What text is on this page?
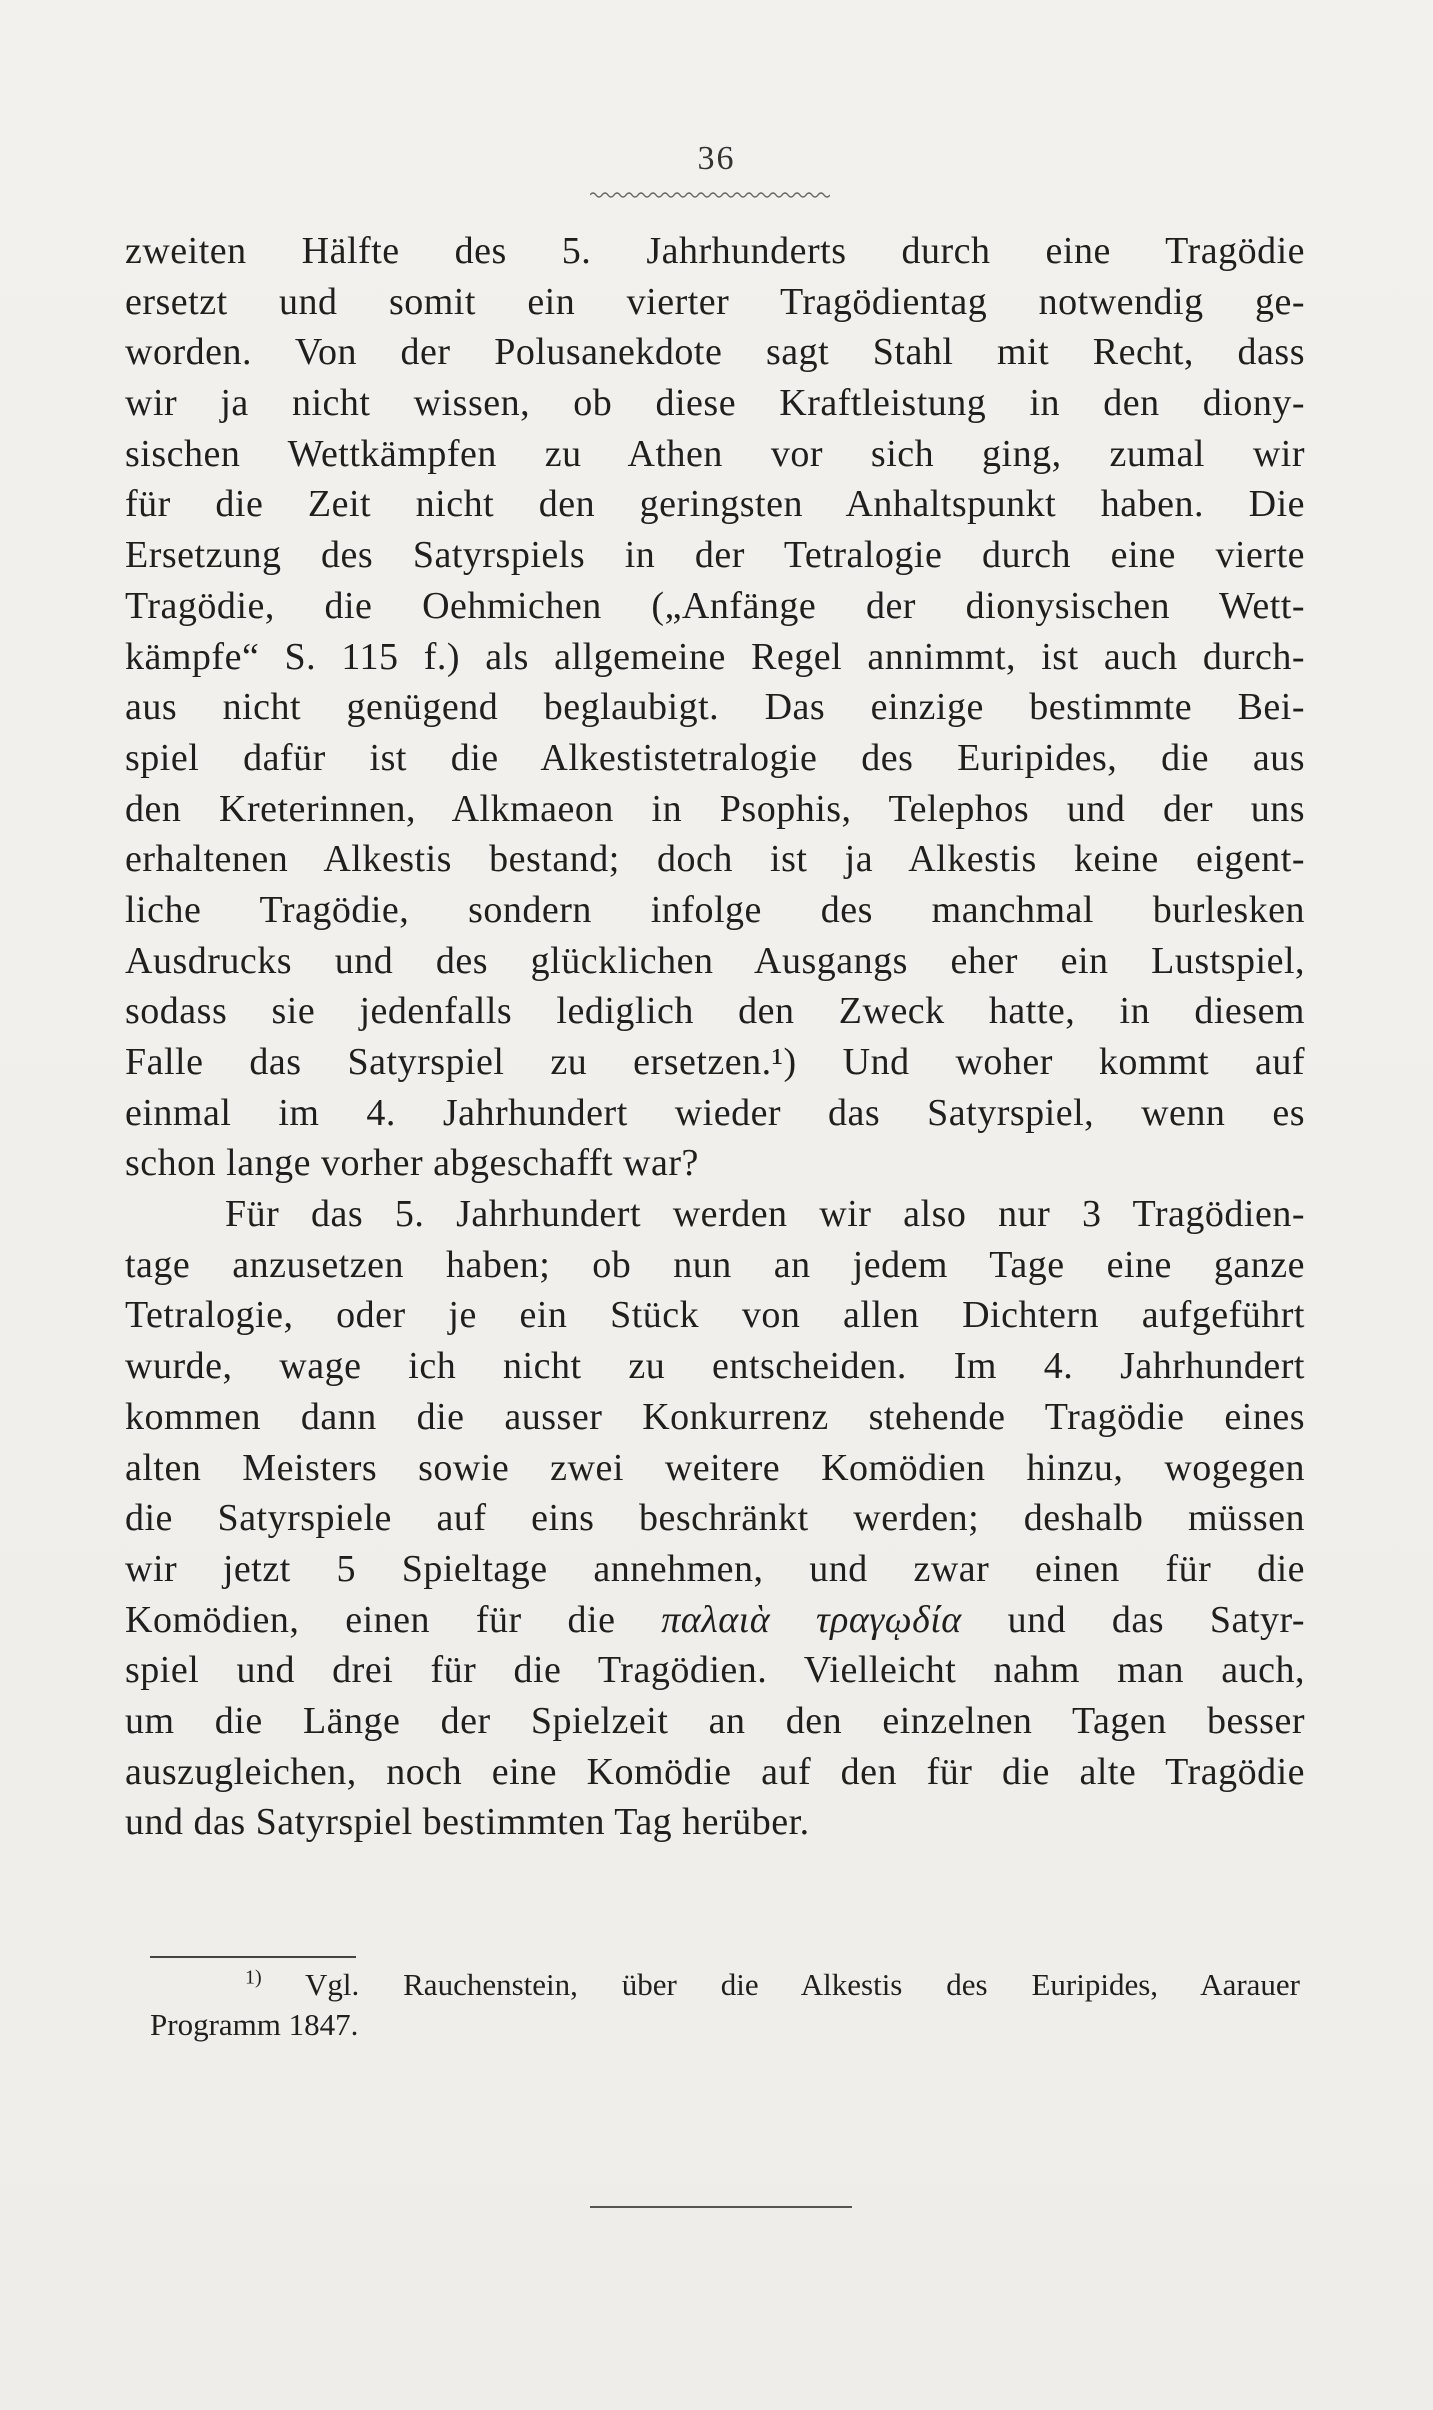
36
zweiten Hälfte des 5. Jahrhunderts durch eine Tragödie
ersetzt und somit ein vierter Tragödientag notwendig ge-
worden. Von der Polusanekdote sagt Stahl mit Recht, dass
wir ja nicht wissen, ob diese Kraftleistung in den diony-
sischen Wettkämpfen zu Athen vor sich ging, zumal wir
für die Zeit nicht den geringsten Anhaltspunkt haben. Die
Ersetzung des Satyrspiels in der Tetralogie durch eine vierte
Tragödie, die Oehmichen („Anfänge der dionysischen Wett-
kämpfe“ S. 115 f.) als allgemeine Regel annimmt, ist auch durch-
aus nicht genügend beglaubigt. Das einzige bestimmte Bei-
spiel dafür ist die Alkestistetralogie des Euripides, die aus
den Kreterinnen, Alkmaeon in Psophis, Telephos und der uns
erhaltenen Alkestis bestand; doch ist ja Alkestis keine eigent-
liche Tragödie, sondern infolge des manchmal burlesken
Ausdrucks und des glücklichen Ausgangs eher ein Lustspiel,
sodass sie jedenfalls lediglich den Zweck hatte, in diesem
Falle das Satyrspiel zu ersetzen.¹) Und woher kommt auf
einmal im 4. Jahrhundert wieder das Satyrspiel, wenn es
schon lange vorher abgeschafft war?
Für das 5. Jahrhundert werden wir also nur 3 Tragödien-
tage anzusetzen haben; ob nun an jedem Tage eine ganze
Tetralogie, oder je ein Stück von allen Dichtern aufgeführt
wurde, wage ich nicht zu entscheiden. Im 4. Jahrhundert
kommen dann die ausser Konkurrenz stehende Tragödie eines
alten Meisters sowie zwei weitere Komödien hinzu, wogegen
die Satyrspiele auf eins beschränkt werden; deshalb müssen
wir jetzt 5 Spieltage annehmen, und zwar einen für die
Komödien, einen für die παλαιὰ τραγῳδία und das Satyr-
spiel und drei für die Tragödien. Vielleicht nahm man auch,
um die Länge der Spielzeit an den einzelnen Tagen besser
auszugleichen, noch eine Komödie auf den für die alte Tragödie
und das Satyrspiel bestimmten Tag herüber.
$^{1)}$ Vgl. Rauchenstein, über die Alkestis des Euripides, Aarauer
Programm 1847.
